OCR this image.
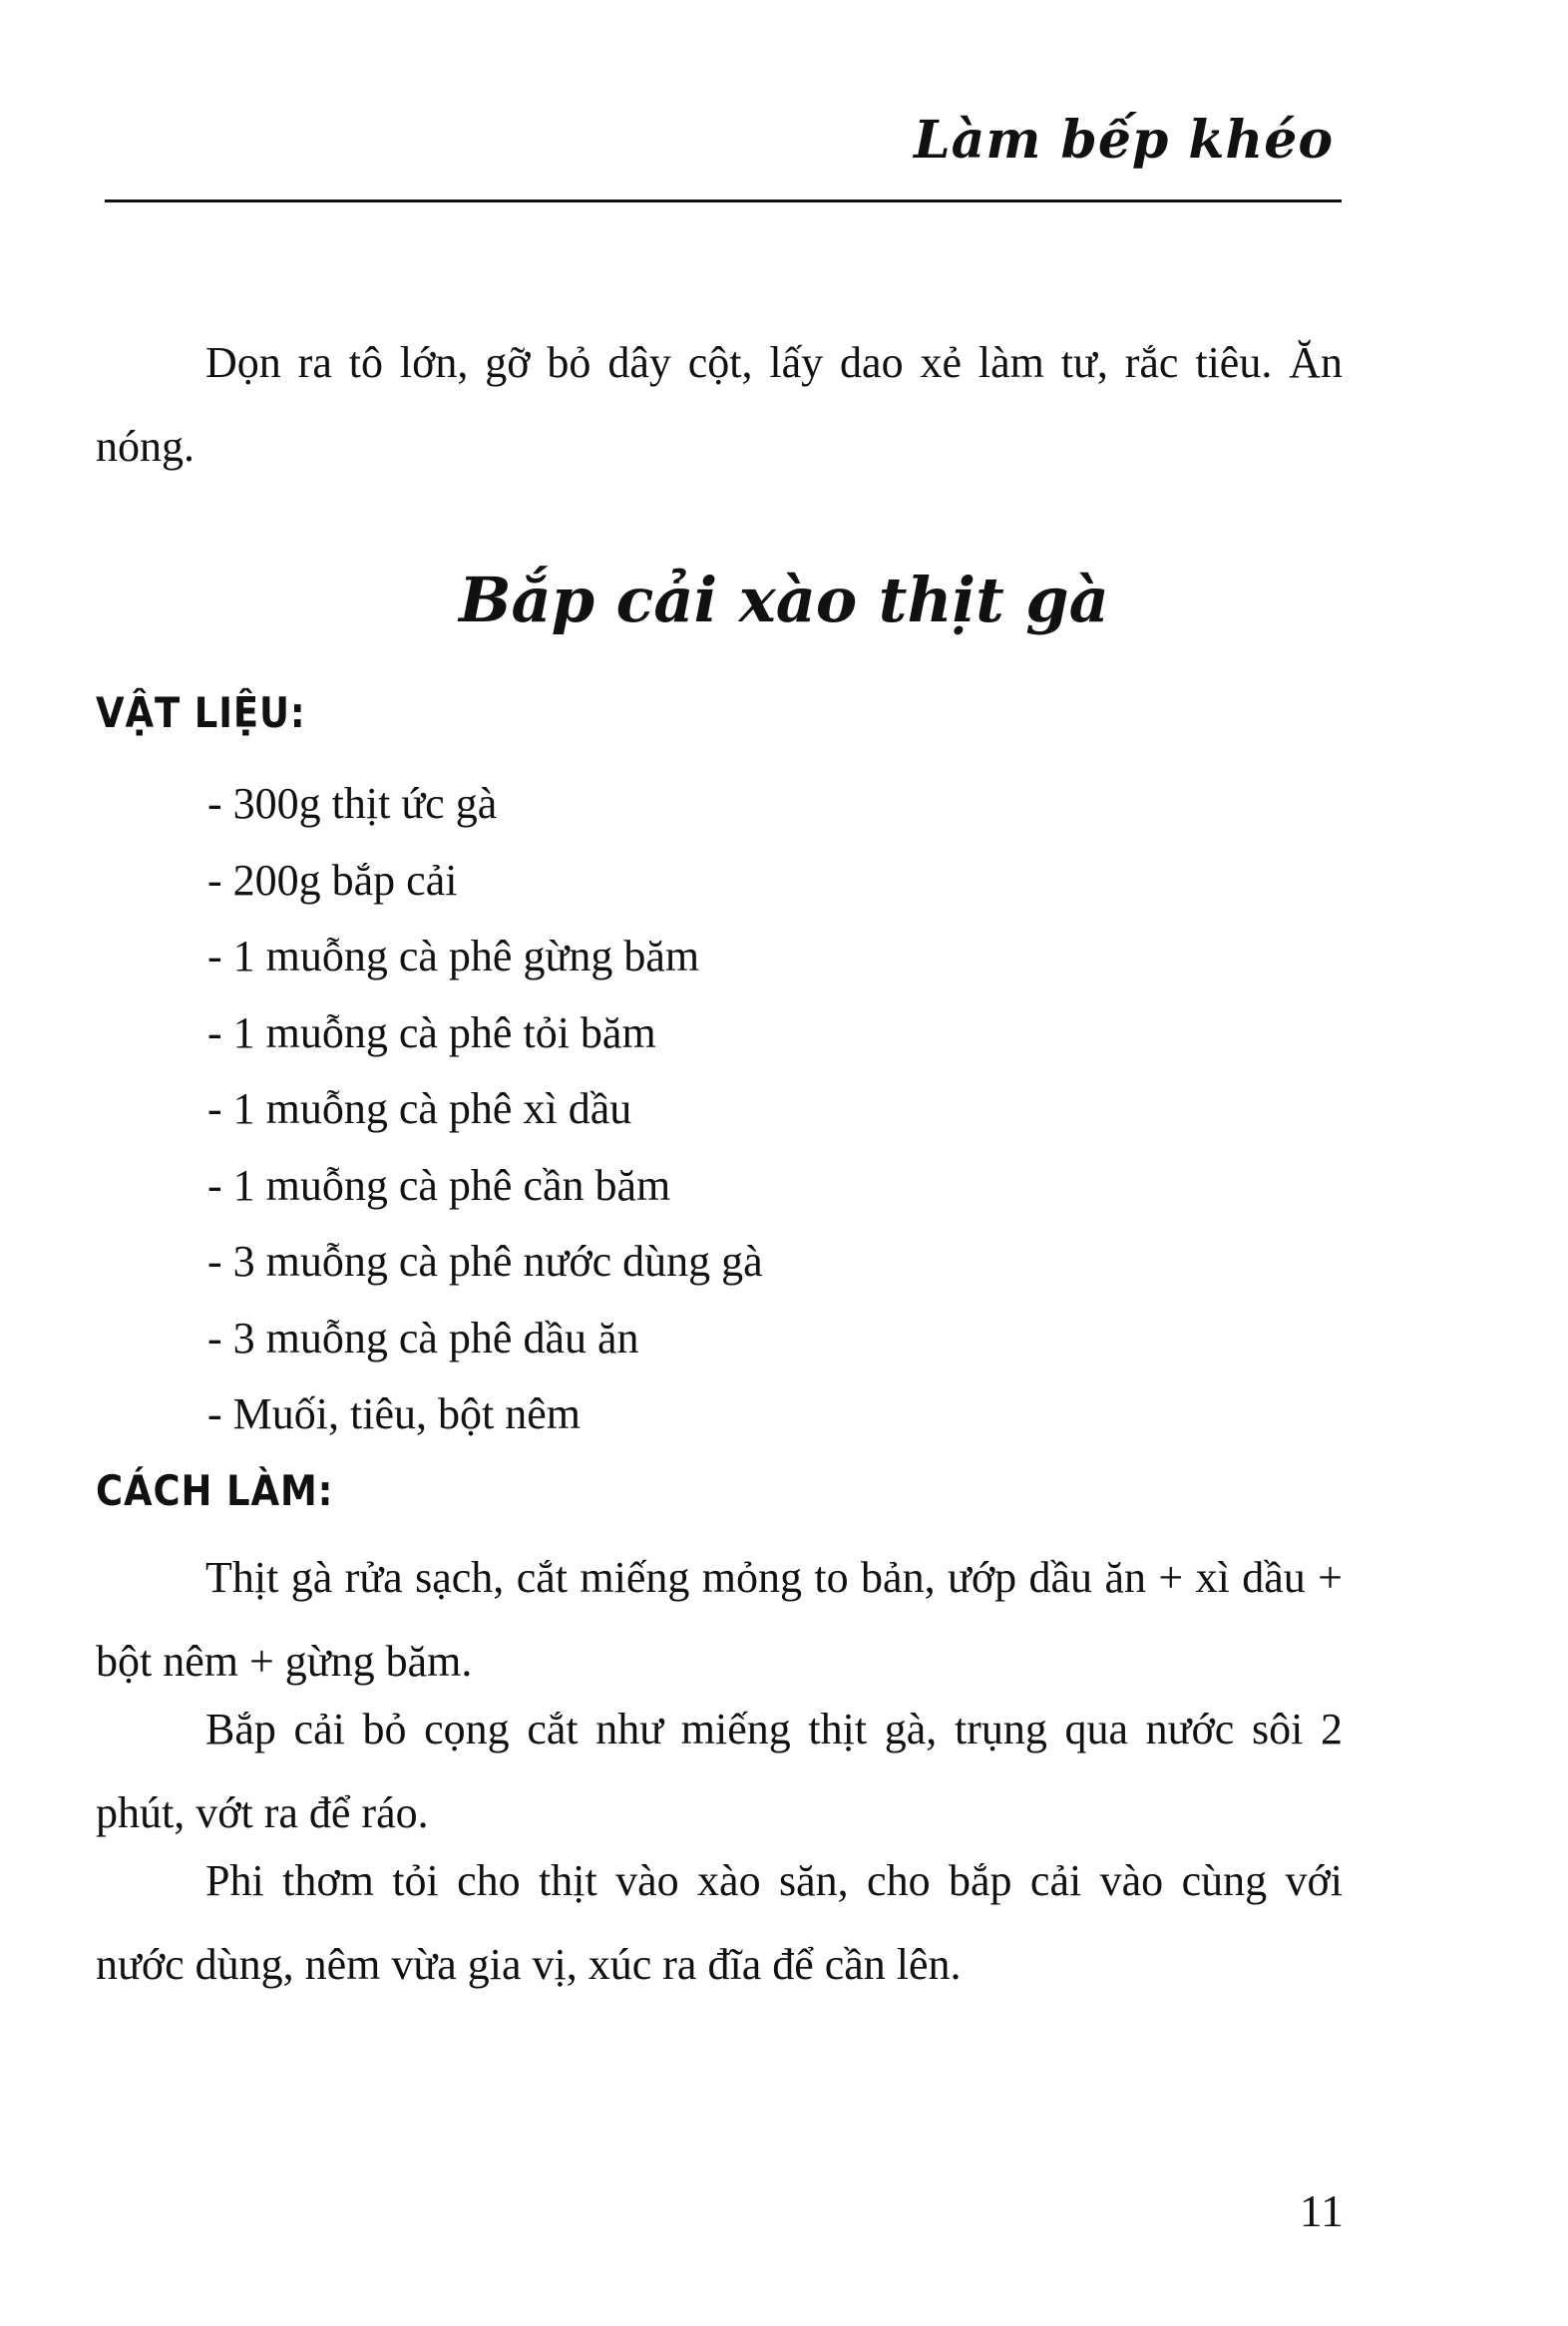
Làm bếp khéo

Dọn ra tô lớn, gỡ bỏ dây cột, lấy dao xẻ làm tư, rắc tiêu. Ăn nóng.

Bắp cải xào thịt gà
VẬT LIỆU:
- 300g thịt ức gà
- 200g bắp cải
- 1 muỗng cà phê gừng băm
- 1 muỗng cà phê tỏi băm
- 1 muỗng cà phê xì dầu
- 1 muỗng cà phê cần băm
- 3 muỗng cà phê nước dùng gà
- 3 muỗng cà phê dầu ăn
- Muối, tiêu, bột nêm
CÁCH LÀM:

Thịt gà rửa sạch, cắt miếng mỏng to bản, ướp dầu ăn + xì dầu + bột nêm + gừng băm.

Bắp cải bỏ cọng cắt như miếng thịt gà, trụng qua nước sôi 2 phút, vớt ra để ráo.

Phi thơm tỏi cho thịt vào xào săn, cho bắp cải vào cùng với nước dùng, nêm vừa gia vị, xúc ra đĩa để cần lên.

11
